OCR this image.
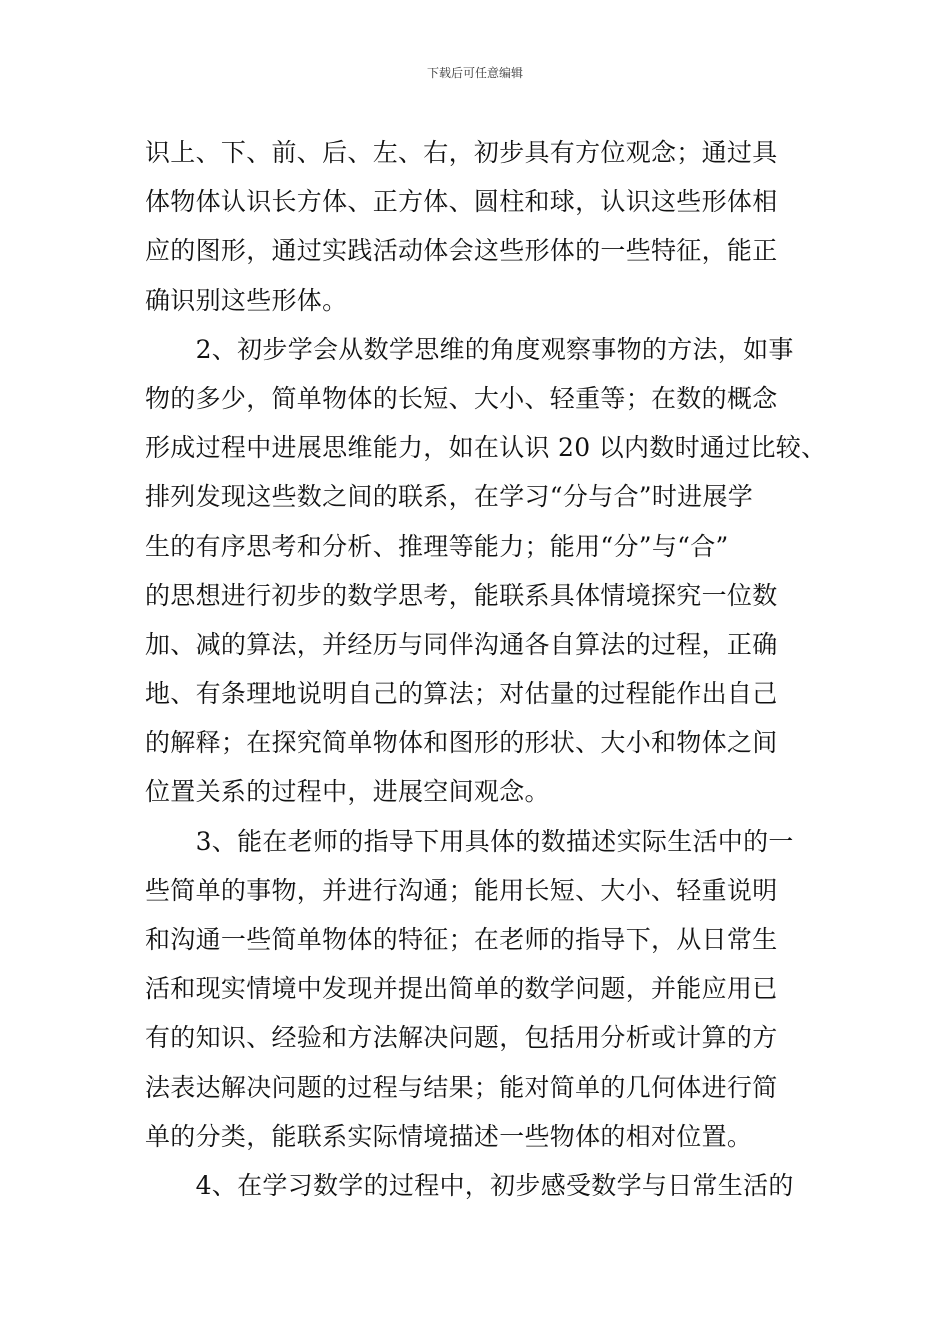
下载后可任意编辑
识上、下、前、后、左、右，初步具有方位观念；通过具
体物体认识长方体、正方体、圆柱和球，认识这些形体相
应的图形，通过实践活动体会这些形体的一些特征，能正
确识别这些形体。
　　2、初步学会从数学思维的角度观察事物的方法，如事
物的多少，简单物体的长短、大小、轻重等；在数的概念
形成过程中进展思维能力，如在认识 20 以内数时通过比较、
排列发现这些数之间的联系，在学习“分与合”时进展学
生的有序思考和分析、推理等能力；能用“分”与“合”
的思想进行初步的数学思考，能联系具体情境探究一位数
加、减的算法，并经历与同伴沟通各自算法的过程，正确
地、有条理地说明自己的算法；对估量的过程能作出自己
的解释；在探究简单物体和图形的形状、大小和物体之间
位置关系的过程中，进展空间观念。
　　3、能在老师的指导下用具体的数描述实际生活中的一
些简单的事物，并进行沟通；能用长短、大小、轻重说明
和沟通一些简单物体的特征；在老师的指导下，从日常生
活和现实情境中发现并提出简单的数学问题，并能应用已
有的知识、经验和方法解决问题，包括用分析或计算的方
法表达解决问题的过程与结果；能对简单的几何体进行简
单的分类，能联系实际情境描述一些物体的相对位置。
　　4、在学习数学的过程中，初步感受数学与日常生活的
